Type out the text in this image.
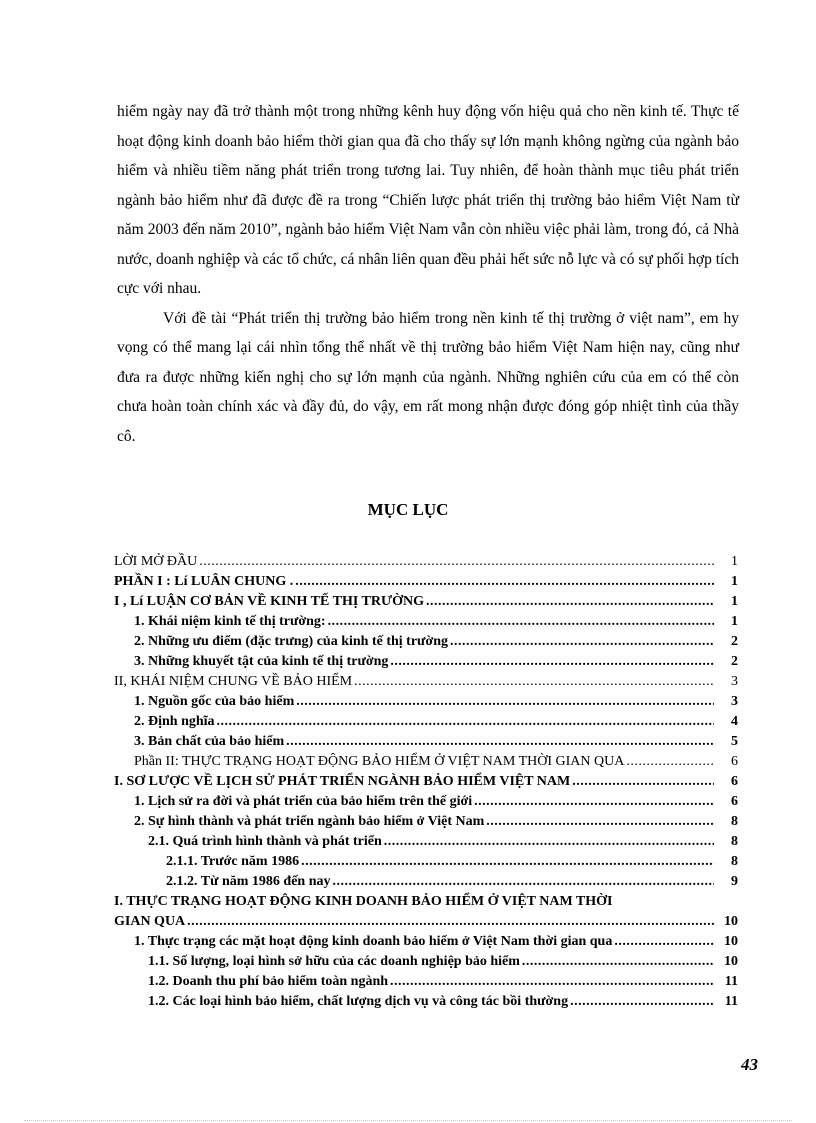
hiểm ngày nay đã trở thành một trong những kênh huy động vốn hiệu quả cho nền kinh tế. Thực tế hoạt động kinh doanh bảo hiểm thời gian qua đã cho thấy sự lớn mạnh không ngừng của ngành bảo hiểm và nhiều tiềm năng phát triển trong tương lai. Tuy nhiên, để hoàn thành mục tiêu phát triển ngành bảo hiểm như đã được đề ra trong “Chiến lược phát triển thị trường bảo hiểm Việt Nam từ năm 2003 đến năm 2010”, ngành bảo hiểm Việt Nam vẫn còn nhiều việc phải làm, trong đó, cả Nhà nước, doanh nghiệp và các tổ chức, cá nhân liên quan đều phải hết sức nỗ lực và có sự phối hợp tích cực với nhau.

Với đề tài “Phát triển thị trường bảo hiểm trong nền kinh tế thị trường ở việt nam”, em hy vọng có thể mang lại cái nhìn tổng thể nhất về thị trường bảo hiểm Việt Nam hiện nay, cũng như đưa ra được những kiến nghị cho sự lớn mạnh của ngành. Những nghiên cứu của em có thể còn chưa hoàn toàn chính xác và đầy đủ, do vậy, em rất mong nhận được đóng góp nhiệt tình của thầy cô.

MỤC LỤC
LỜI MỞ ĐẦU .....	1
PHẦN I : Lí LUÂN CHUNG . .....	1
I , Lí LUẬN CƠ BẢN VỀ KINH TẾ THỊ TRƯỜNG .....	1
1. Khái niệm kinh tế thị trường: .....	1
2. Những ưu điểm (đặc trưng) của kinh tế thị trường .....	2
3. Những khuyết tật của kinh tế thị trường .....	2
II, KHÁI NIỆM CHUNG VỀ BẢO HIỂM .....	3
1. Nguồn gốc của bảo hiểm .....	3
2. Định nghĩa .....	4
3. Bản chất của bảo hiểm .....	5
Phần II: THỰC TRẠNG HOẠT ĐỘNG BẢO HIỂM Ở VIỆT NAM THỜI GIAN QUA .....	6
I. SƠ LƯỢC VỀ LỊCH SỬ PHÁT TRIỂN NGÀNH BẢO HIỂM VIỆT NAM .....	6
1. Lịch sử ra đời và phát triển của bảo hiểm trên thế giới .....	6
2. Sự hình thành và phát triển ngành bảo hiểm ở Việt Nam .....	8
2.1. Quá trình hình thành và phát triển .....	8
2.1.1. Trước năm 1986 .....	8
2.1.2. Từ năm 1986 đến nay .....	9
I. THỰC TRẠNG HOẠT ĐỘNG KINH DOANH BẢO HIỂM Ở VIỆT NAM THỜI
GIAN QUA .....	10
1. Thực trạng các mặt hoạt động kinh doanh bảo hiểm ở Việt Nam thời gian qua .....	10
1.1. Số lượng, loại hình sở hữu của các doanh nghiệp bảo hiểm .....	10
1.2. Doanh thu phí bảo hiểm toàn ngành .....	11
1.2. Các loại hình bảo hiểm, chất lượng dịch vụ và công tác bồi thường .....	11
43
